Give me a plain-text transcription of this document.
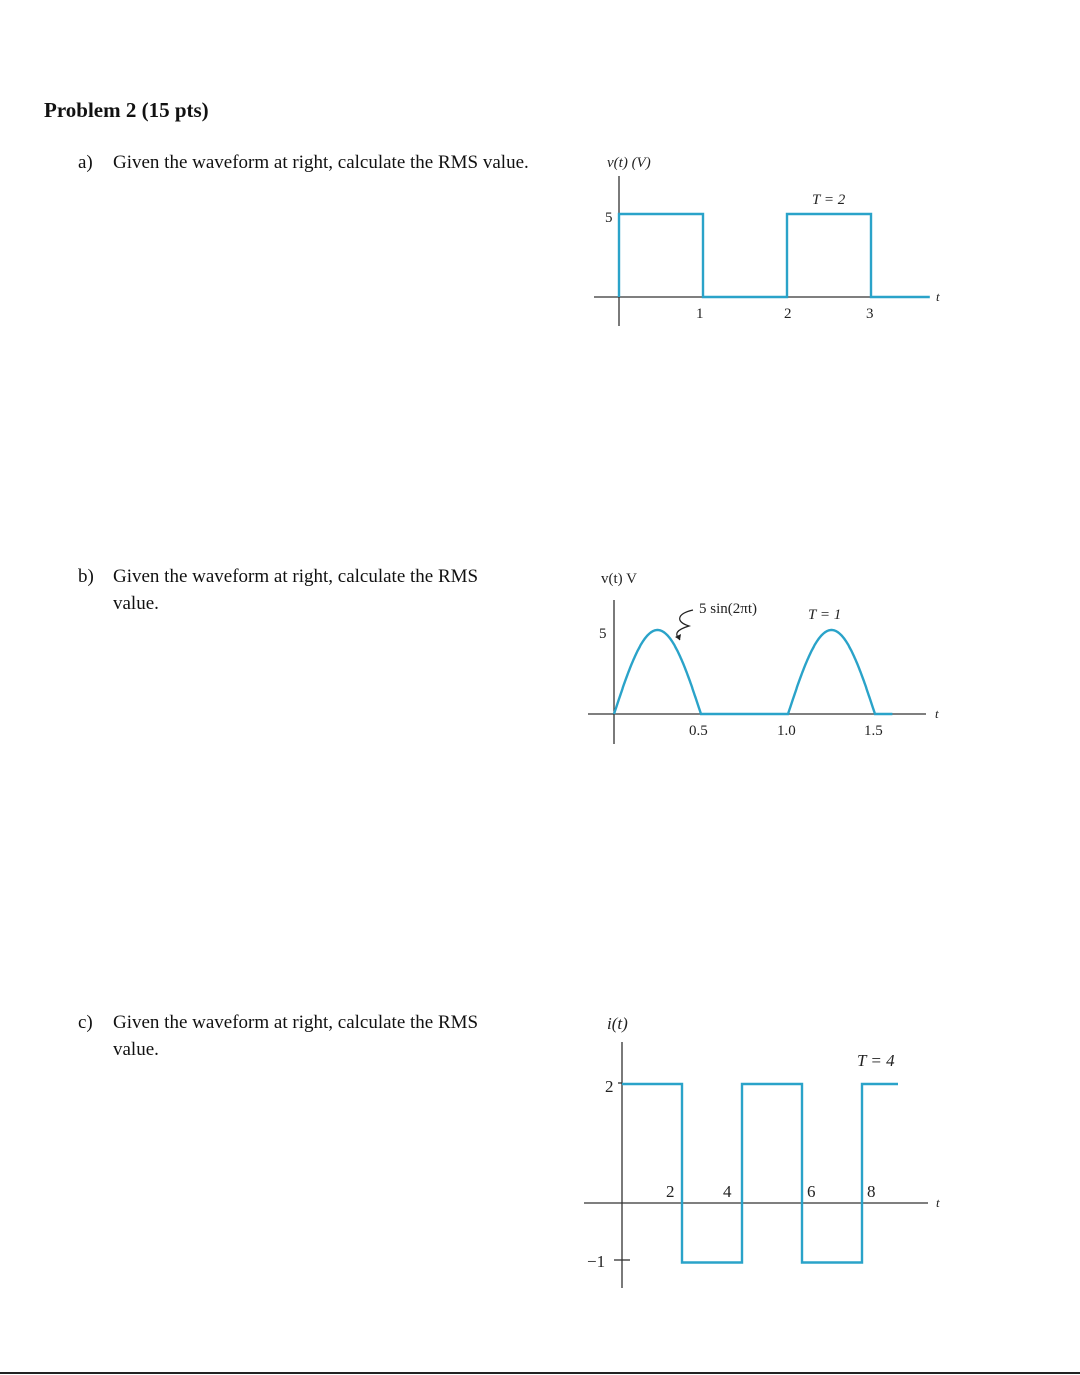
Problem 2 (15 pts)
a) Given the waveform at right, calculate the RMS value.
b) Given the waveform at right, calculate the RMS
value.
c) Given the waveform at right, calculate the RMS
value.
v(t) (V)
T = 2
5
1	2	3
t
v(t) V
5 sin(2πt)	T = 1
5
0.5	1.0	1.5
t
i(t)
T = 4
2
−1
2	4	6	8
t
